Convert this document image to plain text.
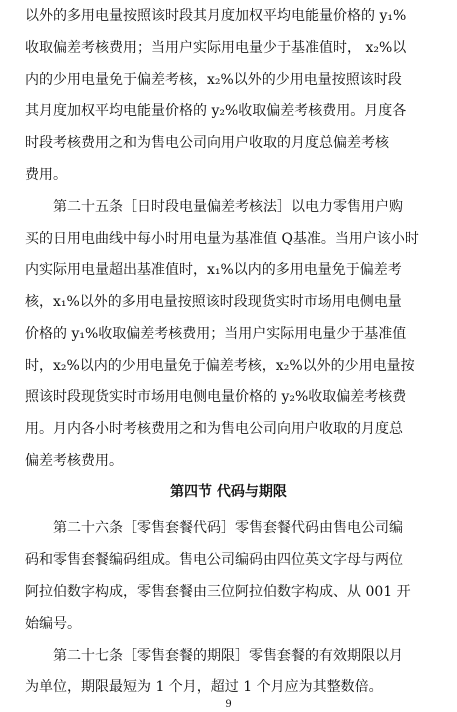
以外的多用电量按照该时段其月度加权平均电能量价格的 y₁%
收取偏差考核费用；当用户实际用电量少于基准值时， x₂%以
内的少用电量免于偏差考核，x₂%以外的少用电量按照该时段
其月度加权平均电能量价格的 y₂%收取偏差考核费用。月度各
时段考核费用之和为售电公司向用户收取的月度总偏差考核
费用。
第二十五条［日时段电量偏差考核法］以电力零售用户购
买的日用电曲线中每小时用电量为基准值 Q基准。当用户该小时
内实际用电量超出基准值时，x₁%以内的多用电量免于偏差考
核，x₁%以外的多用电量按照该时段现货实时市场用电侧电量
价格的 y₁%收取偏差考核费用；当用户实际用电量少于基准值
时，x₂%以内的少用电量免于偏差考核，x₂%以外的少用电量按
照该时段现货实时市场用电侧电量价格的 y₂%收取偏差考核费
用。月内各小时考核费用之和为售电公司向用户收取的月度总
偏差考核费用。
第四节 代码与期限
第二十六条［零售套餐代码］零售套餐代码由售电公司编
码和零售套餐编码组成。售电公司编码由四位英文字母与两位
阿拉伯数字构成，零售套餐由三位阿拉伯数字构成、从 001 开
始编号。
第二十七条［零售套餐的期限］零售套餐的有效期限以月
为单位，期限最短为 1 个月，超过 1 个月应为其整数倍。
9
